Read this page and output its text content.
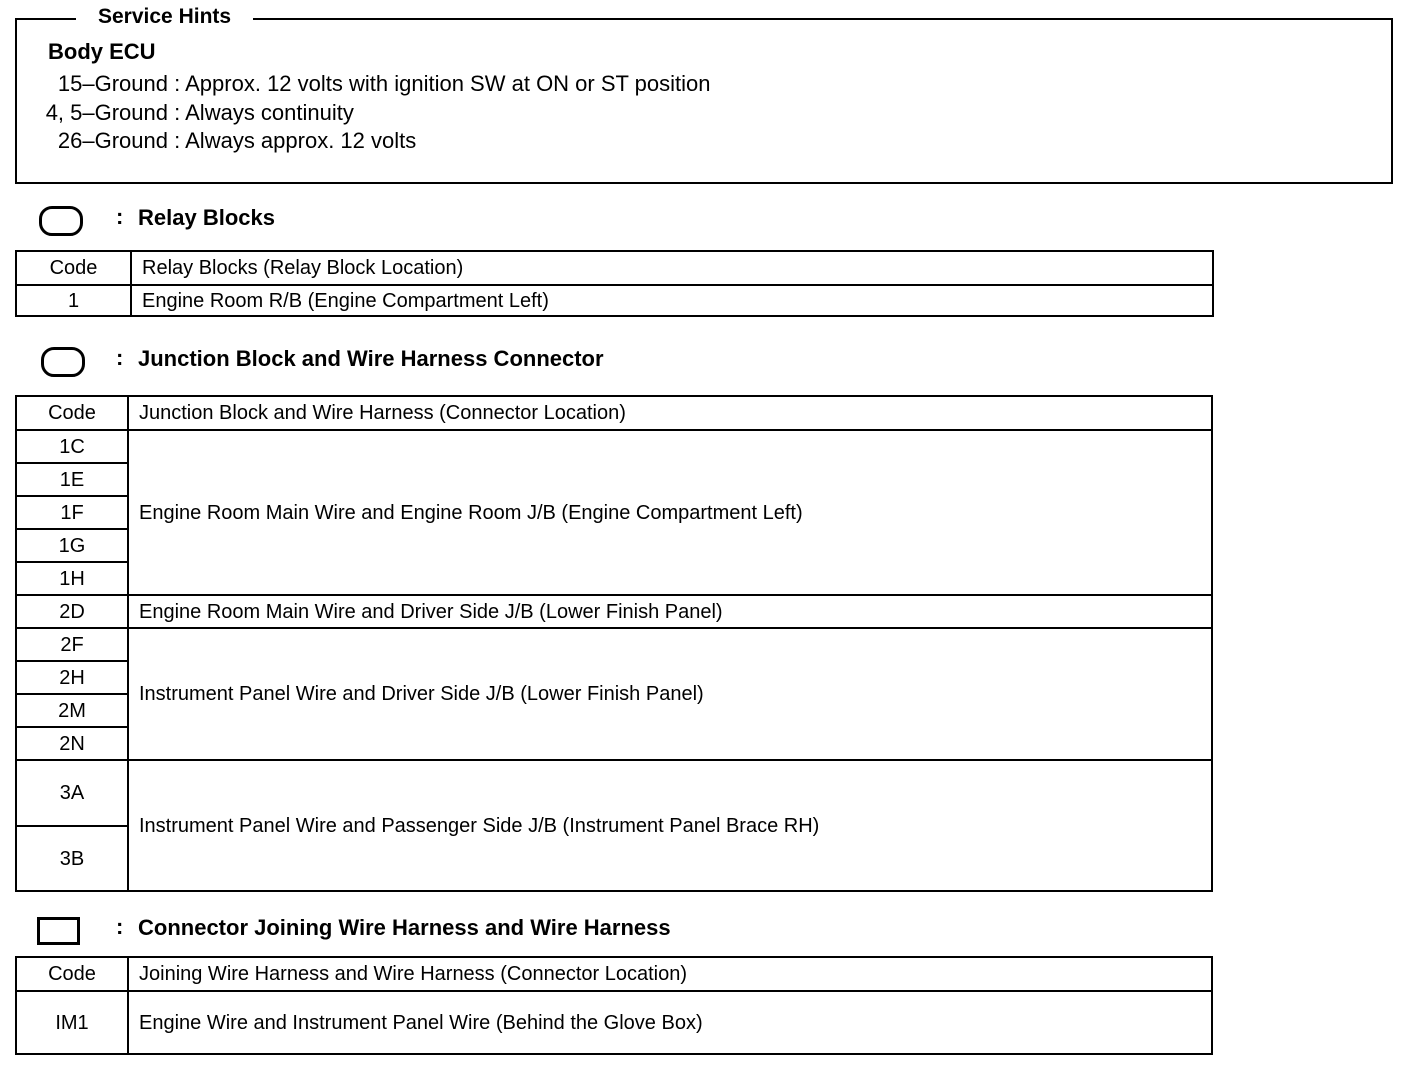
Service Hints
Body ECU
15–Ground : Approx. 12 volts with ignition SW at ON or ST position
4, 5–Ground : Always continuity
26–Ground : Always approx. 12 volts
: Relay Blocks
Code	Relay Blocks (Relay Block Location)
1	Engine Room R/B (Engine Compartment Left)
: Junction Block and Wire Harness Connector
Code	Junction Block and Wire Harness (Connector Location)
1C	Engine Room Main Wire and Engine Room J/B (Engine Compartment Left)
1E	
1F	
1G	
1H	
2D	Engine Room Main Wire and Driver Side J/B (Lower Finish Panel)
2F	Instrument Panel Wire and Driver Side J/B (Lower Finish Panel)
2H	
2M	
2N	
3A	Instrument Panel Wire and Passenger Side J/B (Instrument Panel Brace RH)
3B	
: Connector Joining Wire Harness and Wire Harness
Code	Joining Wire Harness and Wire Harness (Connector Location)
IM1	Engine Wire and Instrument Panel Wire (Behind the Glove Box)
